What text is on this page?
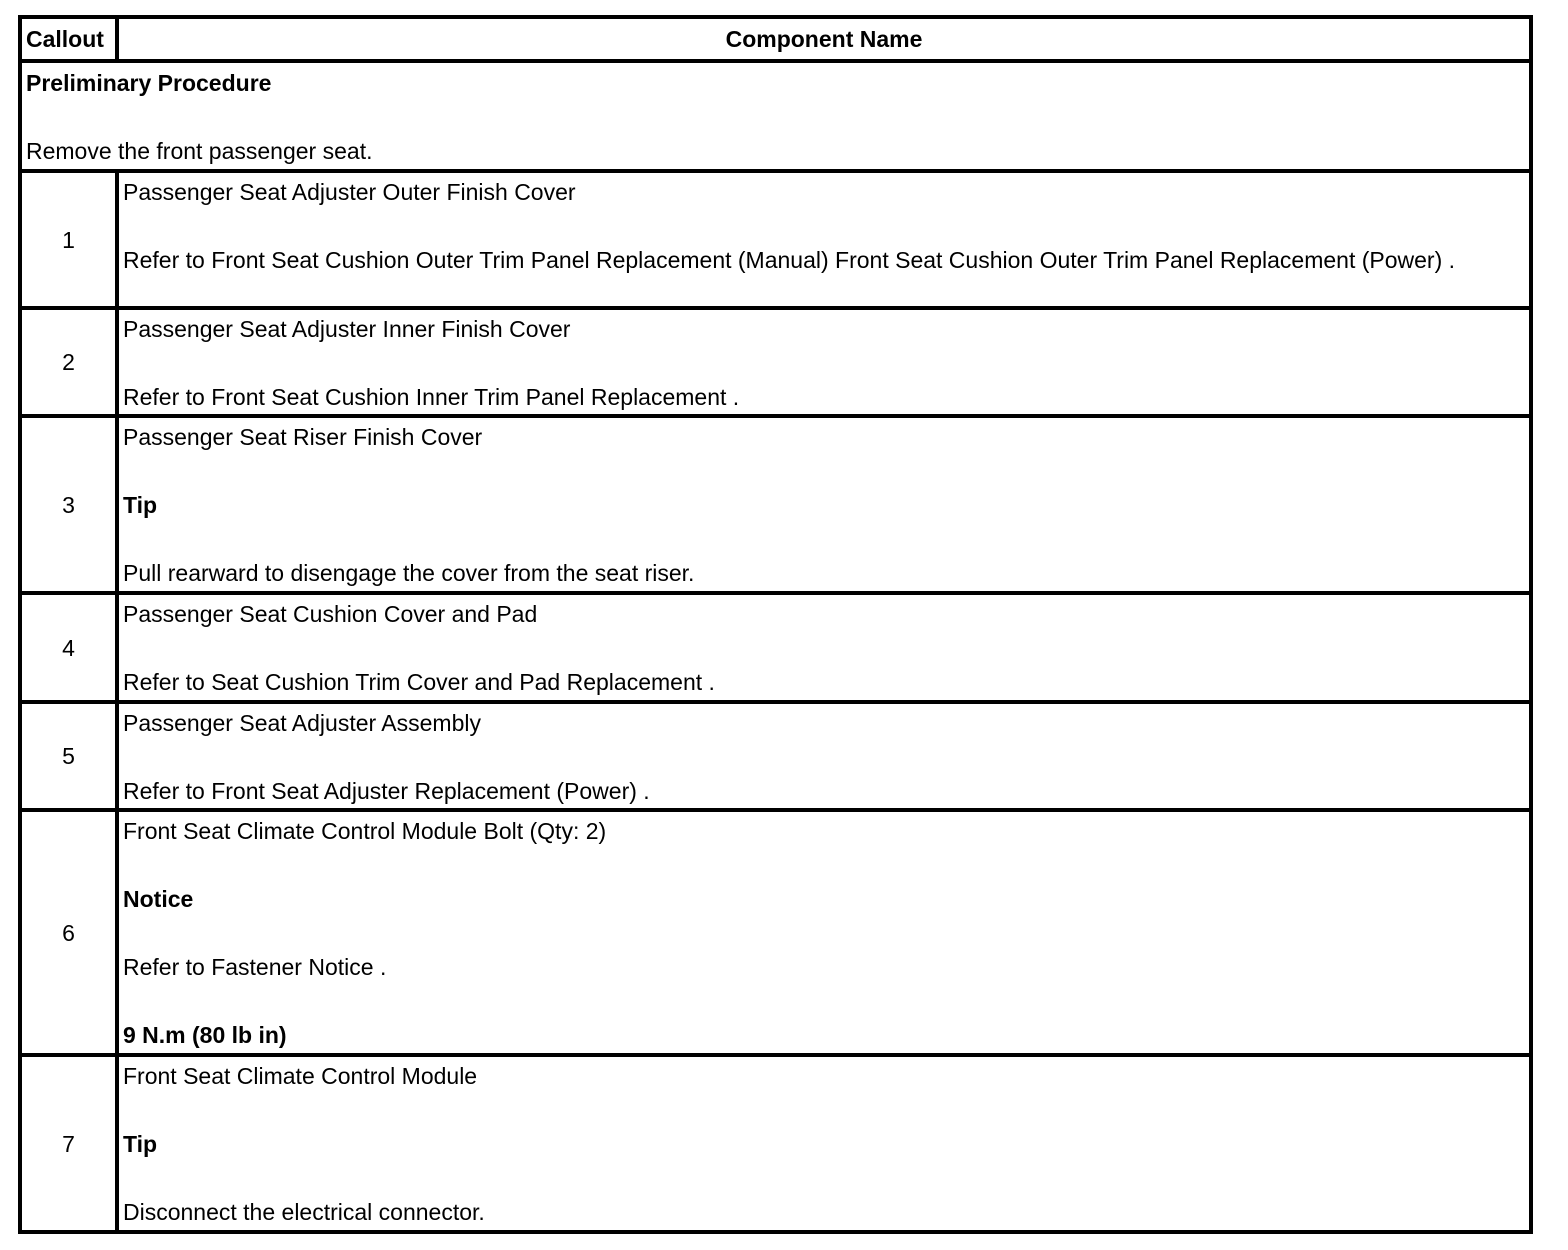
Callout	Component Name

Preliminary Procedure

Remove the front passenger seat.	

1	Passenger Seat Adjuster Outer Finish Cover

Refer to Front Seat Cushion Outer Trim Panel Replacement (Manual) Front Seat Cushion Outer Trim Panel Replacement (Power) .

2	Passenger Seat Adjuster Inner Finish Cover

Refer to Front Seat Cushion Inner Trim Panel Replacement .

3	Passenger Seat Riser Finish Cover

Tip

Pull rearward to disengage the cover from the seat riser.

4	Passenger Seat Cushion Cover and Pad

Refer to Seat Cushion Trim Cover and Pad Replacement .

5	Passenger Seat Adjuster Assembly

Refer to Front Seat Adjuster Replacement (Power) .

6	Front Seat Climate Control Module Bolt (Qty: 2)

Notice

Refer to Fastener Notice .

9 N.m (80 lb in)

7	Front Seat Climate Control Module

Tip

Disconnect the electrical connector.
